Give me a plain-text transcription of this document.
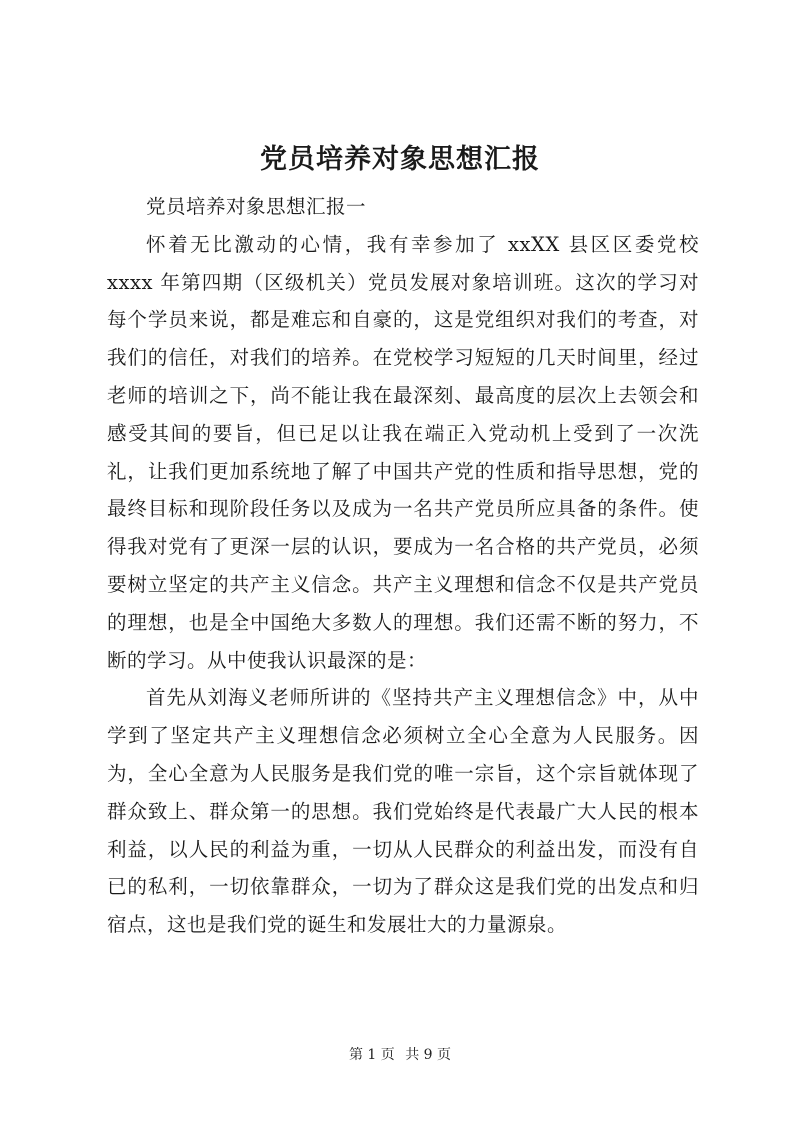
党员培养对象思想汇报

党员培养对象思想汇报一

怀着无比激动的心情，我有幸参加了 xxXX 县区区委党校 xxxx 年第四期（区级机关）党员发展对象培训班。这次的学习对每个学员来说，都是难忘和自豪的，这是党组织对我们的考查，对我们的信任，对我们的培养。在党校学习短短的几天时间里，经过老师的培训之下，尚不能让我在最深刻、最高度的层次上去领会和感受其间的要旨，但已足以让我在端正入党动机上受到了一次洗礼，让我们更加系统地了解了中国共产党的性质和指导思想，党的最终目标和现阶段任务以及成为一名共产党员所应具备的条件。使得我对党有了更深一层的认识，要成为一名合格的共产党员，必须要树立坚定的共产主义信念。共产主义理想和信念不仅是共产党员的理想，也是全中国绝大多数人的理想。我们还需不断的努力，不断的学习。从中使我认识最深的是：

首先从刘海义老师所讲的《坚持共产主义理想信念》中，从中学到了坚定共产主义理想信念必须树立全心全意为人民服务。因为，全心全意为人民服务是我们党的唯一宗旨，这个宗旨就体现了群众致上、群众第一的思想。我们党始终是代表最广大人民的根本利益，以人民的利益为重，一切从人民群众的利益出发，而没有自已的私利，一切依靠群众，一切为了群众这是我们党的出发点和归宿点，这也是我们党的诞生和发展壮大的力量源泉。

第 1 页 共 9 页
